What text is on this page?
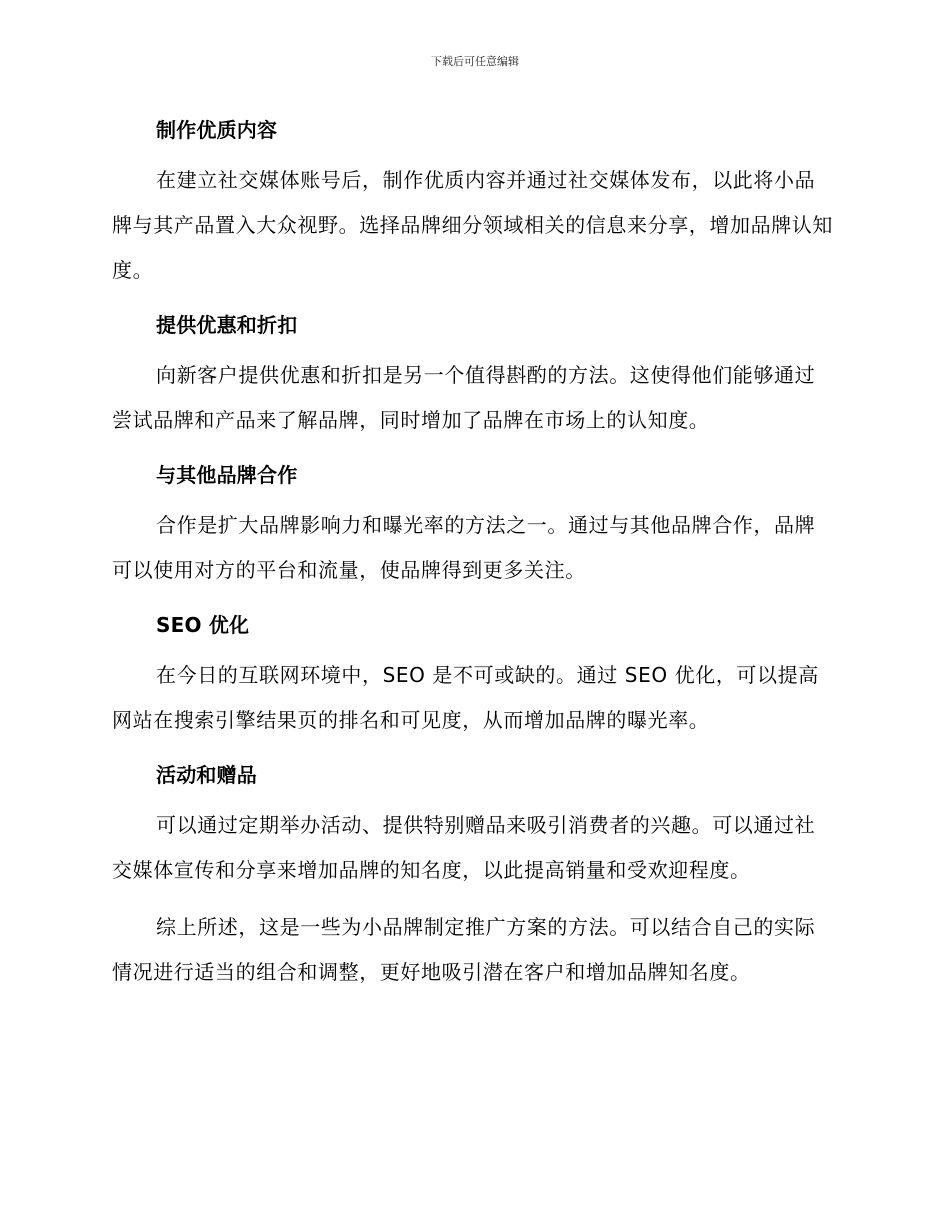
下载后可任意编辑
制作优质内容
在建立社交媒体账号后，制作优质内容并通过社交媒体发布，以此将小品牌与其产品置入大众视野。选择品牌细分领域相关的信息来分享，增加品牌认知度。
提供优惠和折扣
向新客户提供优惠和折扣是另一个值得斟酌的方法。这使得他们能够通过尝试品牌和产品来了解品牌，同时增加了品牌在市场上的认知度。
与其他品牌合作
合作是扩大品牌影响力和曝光率的方法之一。通过与其他品牌合作，品牌可以使用对方的平台和流量，使品牌得到更多关注。
SEO 优化
在今日的互联网环境中，SEO 是不可或缺的。通过 SEO 优化，可以提高网站在搜索引擎结果页的排名和可见度，从而增加品牌的曝光率。
活动和赠品
可以通过定期举办活动、提供特别赠品来吸引消费者的兴趣。可以通过社交媒体宣传和分享来增加品牌的知名度，以此提高销量和受欢迎程度。
综上所述，这是一些为小品牌制定推广方案的方法。可以结合自己的实际情况进行适当的组合和调整，更好地吸引潜在客户和增加品牌知名度。
